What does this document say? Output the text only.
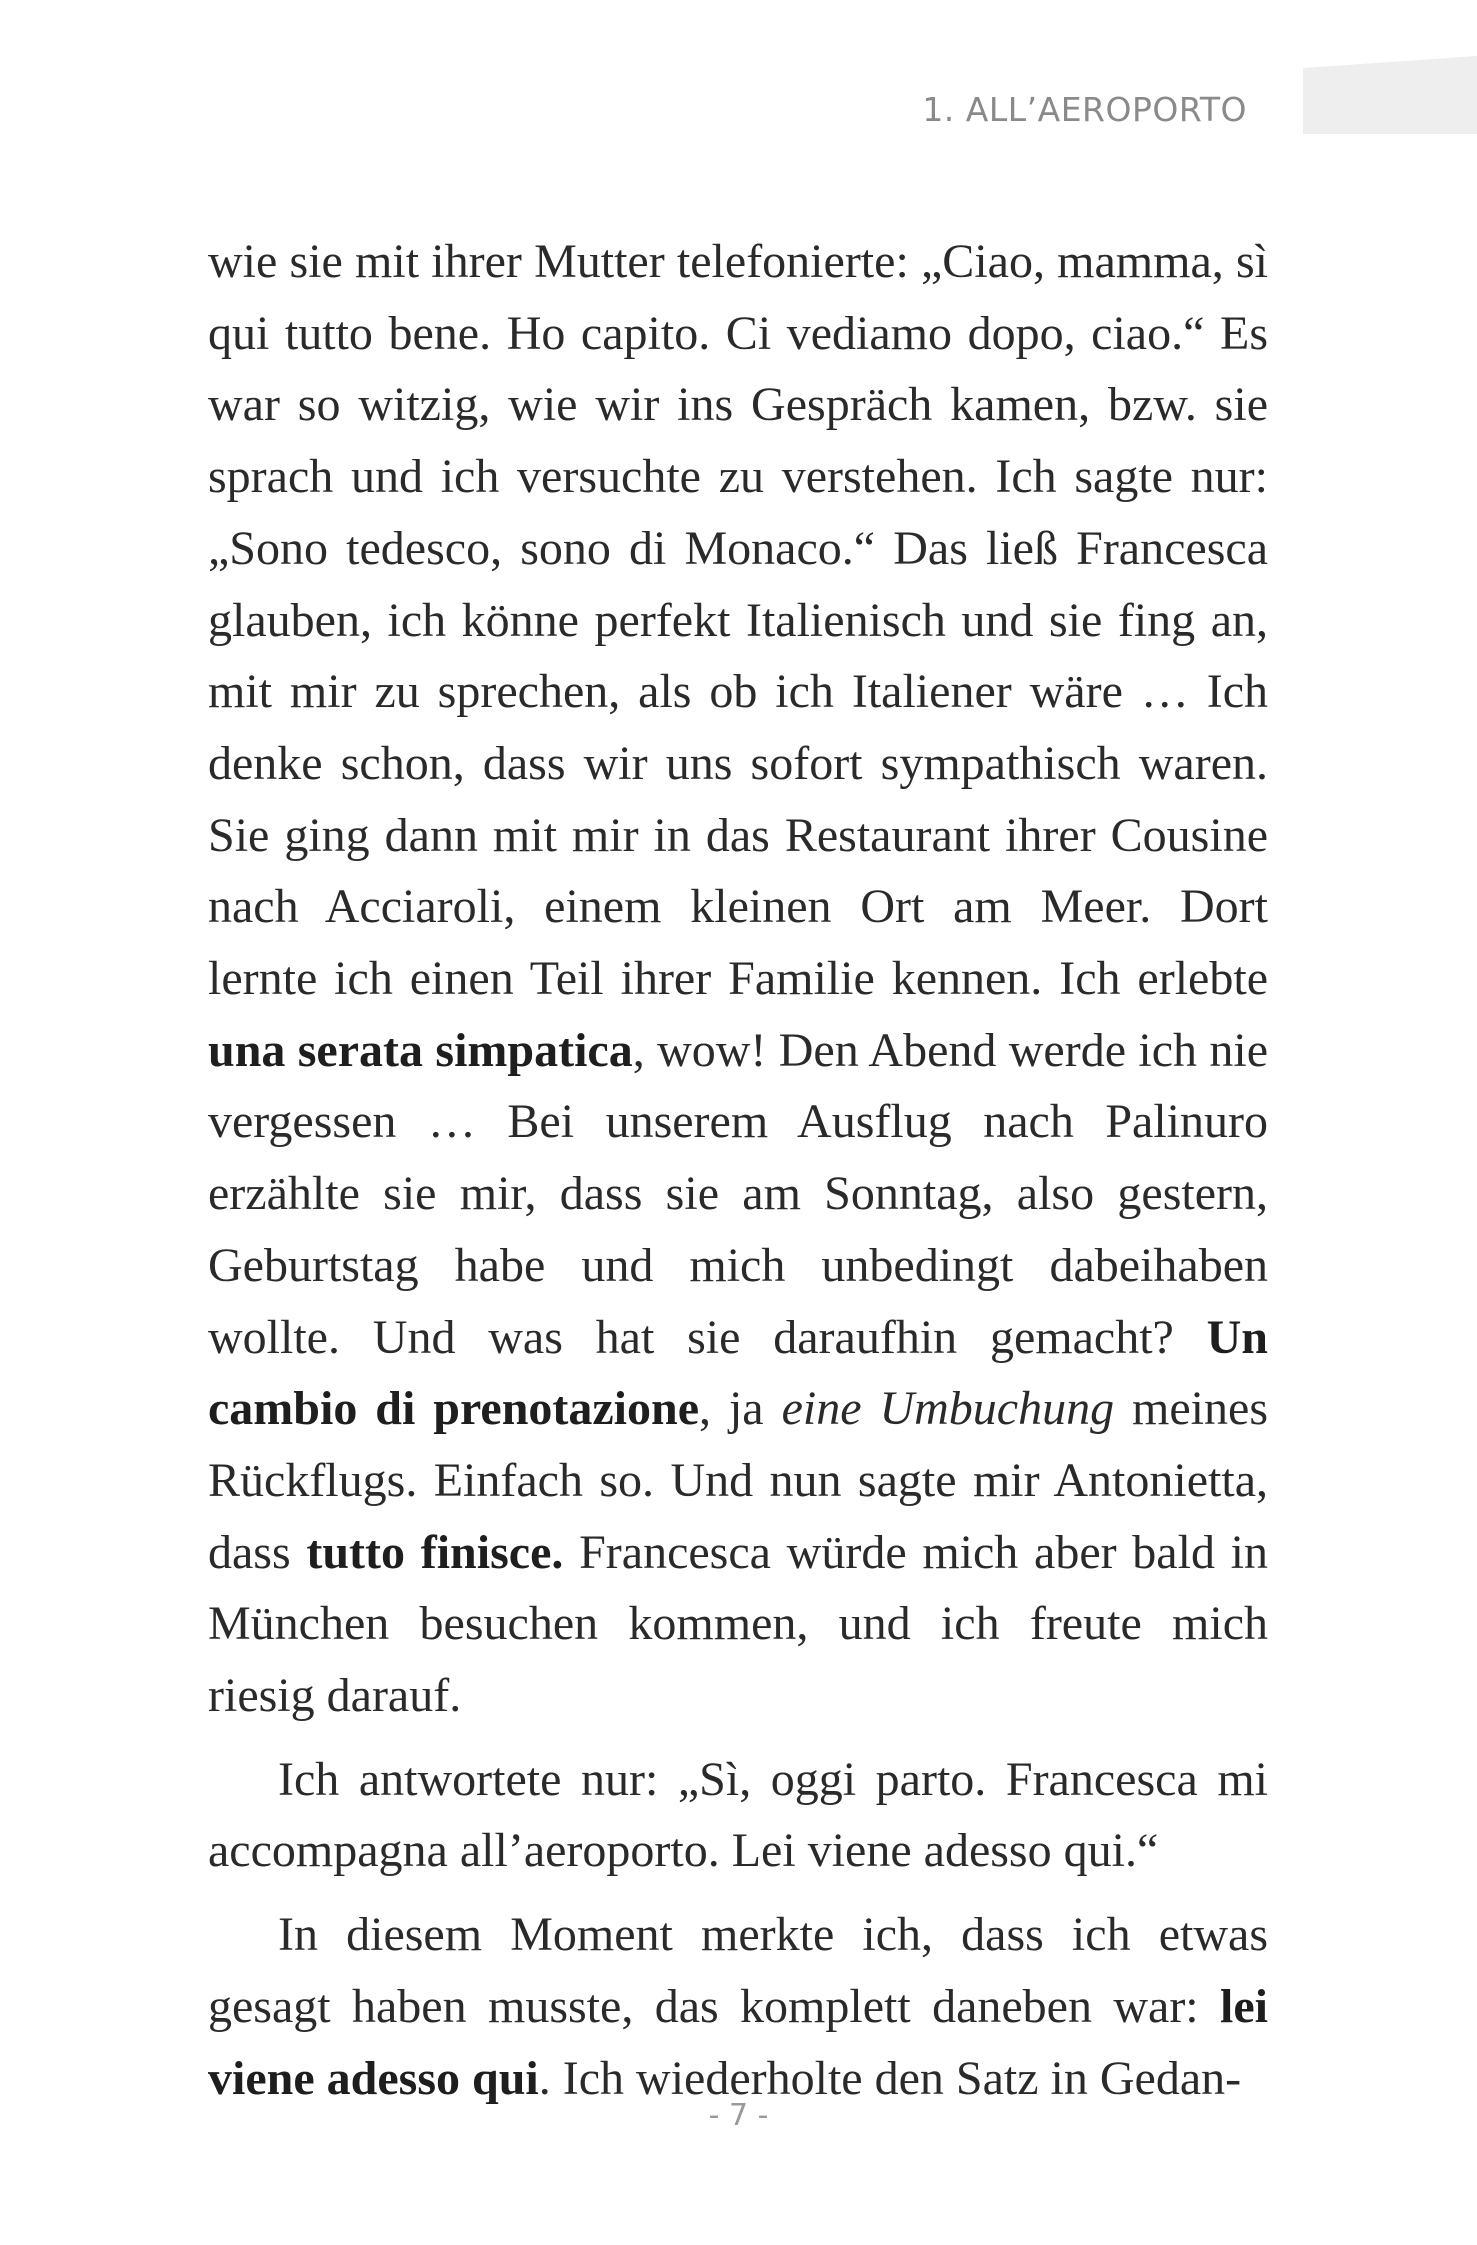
1. ALL’AEROPORTO

wie sie mit ihrer Mutter telefonierte: „Ciao, mamma, sì qui tutto bene. Ho capito. Ci vediamo dopo, ciao.“ Es war so witzig, wie wir ins Gespräch kamen, bzw. sie sprach und ich versuchte zu verstehen. Ich sagte nur: „Sono tedesco, sono di Monaco.“ Das ließ Francesca glauben, ich könne perfekt Italienisch und sie fing an, mit mir zu sprechen, als ob ich Italiener wäre … Ich denke schon, dass wir uns sofort sympathisch waren. Sie ging dann mit mir in das Restaurant ihrer Cousine nach Acciaroli, einem kleinen Ort am Meer. Dort lernte ich einen Teil ihrer Familie kennen. Ich erlebte una serata simpatica, wow! Den Abend werde ich nie vergessen … Bei unserem Ausflug nach Palinuro erzählte sie mir, dass sie am Sonntag, also gestern, Geburtstag habe und mich unbedingt dabeihaben wollte. Und was hat sie daraufhin gemacht? Un cambio di prenotazione, ja eine Umbuchung meines Rückflugs. Einfach so. Und nun sagte mir Antonietta, dass tutto finisce. Francesca würde mich aber bald in München besuchen kommen, und ich freute mich riesig darauf.

Ich antwortete nur: „Sì, oggi parto. Francesca mi accompagna all’aeroporto. Lei viene adesso qui.“

In diesem Moment merkte ich, dass ich etwas gesagt haben musste, das komplett daneben war: lei viene adesso qui. Ich wiederholte den Satz in Gedan-

- 7 -
